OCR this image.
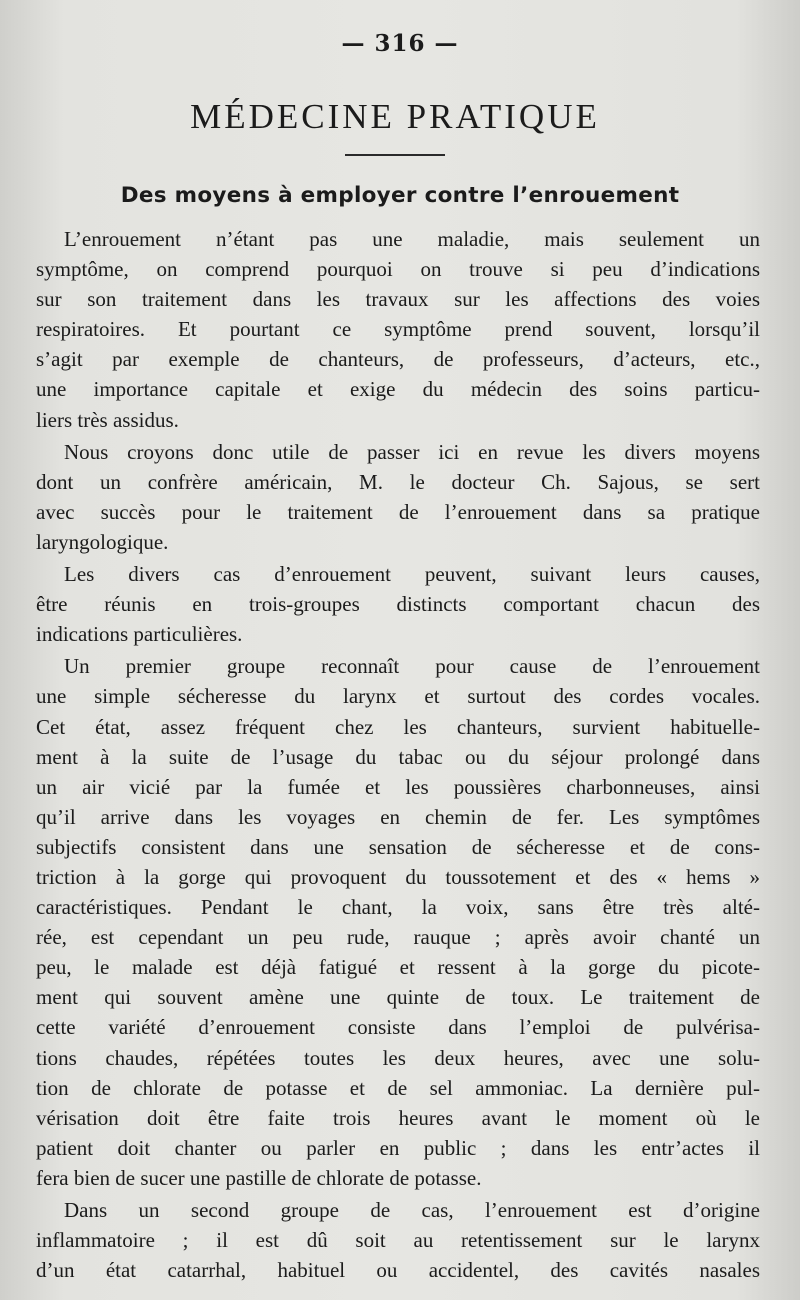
— 316 —
MÉDECINE PRATIQUE
Des moyens à employer contre l’enrouement
L’enrouement n’étant pas une maladie, mais seulement un
symptôme, on comprend pourquoi on trouve si peu d’indications
sur son traitement dans les travaux sur les affections des voies
respiratoires. Et pourtant ce symptôme prend souvent, lorsqu’il
s’agit par exemple de chanteurs, de professeurs, d’acteurs, etc.,
une importance capitale et exige du médecin des soins particu-
liers très assidus.
Nous croyons donc utile de passer ici en revue les divers moyens
dont un confrère américain, M. le docteur Ch. Sajous, se sert
avec succès pour le traitement de l’enrouement dans sa pratique
laryngologique.
Les divers cas d’enrouement peuvent, suivant leurs causes,
être réunis en trois-groupes distincts comportant chacun des
indications particulières.
Un premier groupe reconnaît pour cause de l’enrouement
une simple sécheresse du larynx et surtout des cordes vocales.
Cet état, assez fréquent chez les chanteurs, survient habituelle-
ment à la suite de l’usage du tabac ou du séjour prolongé dans
un air vicié par la fumée et les poussières charbonneuses, ainsi
qu’il arrive dans les voyages en chemin de fer. Les symptômes
subjectifs consistent dans une sensation de sécheresse et de cons-
triction à la gorge qui provoquent du toussotement et des « hems »
caractéristiques. Pendant le chant, la voix, sans être très alté-
rée, est cependant un peu rude, rauque ; après avoir chanté un
peu, le malade est déjà fatigué et ressent à la gorge du picote-
ment qui souvent amène une quinte de toux. Le traitement de
cette variété d’enrouement consiste dans l’emploi de pulvérisa-
tions chaudes, répétées toutes les deux heures, avec une solu-
tion de chlorate de potasse et de sel ammoniac. La dernière pul-
vérisation doit être faite trois heures avant le moment où le
patient doit chanter ou parler en public ; dans les entr’actes il
fera bien de sucer une pastille de chlorate de potasse.
Dans un second groupe de cas, l’enrouement est d’origine
inflammatoire ; il est dû soit au retentissement sur le larynx
d’un état catarrhal, habituel ou accidentel, des cavités nasales
